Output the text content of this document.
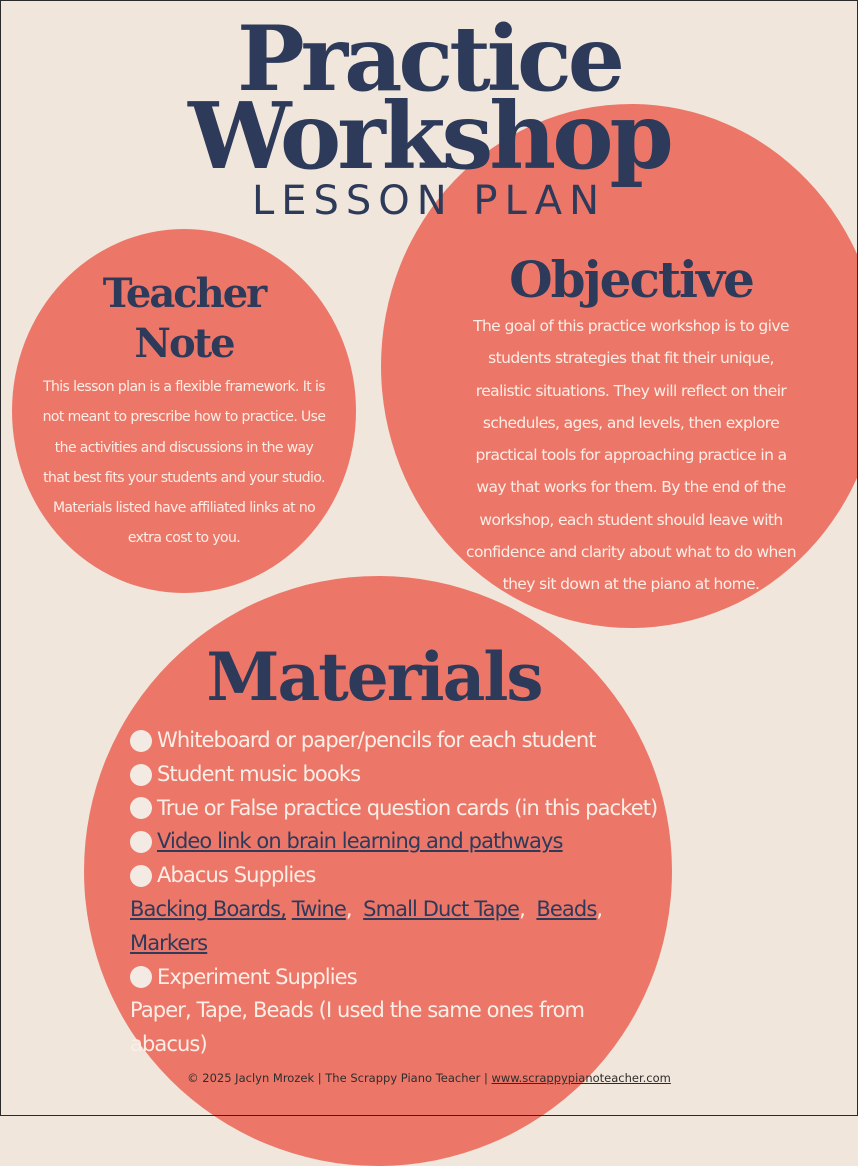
Practice
Workshop
LESSON PLAN
Teacher
Note
This lesson plan is a flexible framework. It is not meant to prescribe how to practice. Use the activities and discussions in the way that best fits your students and your studio. Materials listed have affiliated links at no extra cost to you.
Objective
The goal of this practice workshop is to give students strategies that fit their unique, realistic situations. They will reflect on their schedules, ages, and levels, then explore practical tools for approaching practice in a way that works for them. By the end of the workshop, each student should leave with confidence and clarity about what to do when they sit down at the piano at home.
Materials
Whiteboard or paper/pencils for each student
Student music books
True or False practice question cards (in this packet)
Video link on brain learning and pathways
Abacus Supplies
Backing Boards, Twine,  Small Duct Tape,  Beads,
Markers
Experiment Supplies
Paper, Tape, Beads (I used the same ones from abacus)
© 2025 Jaclyn Mrozek | The Scrappy Piano Teacher | www.scrappypianoteacher.com
